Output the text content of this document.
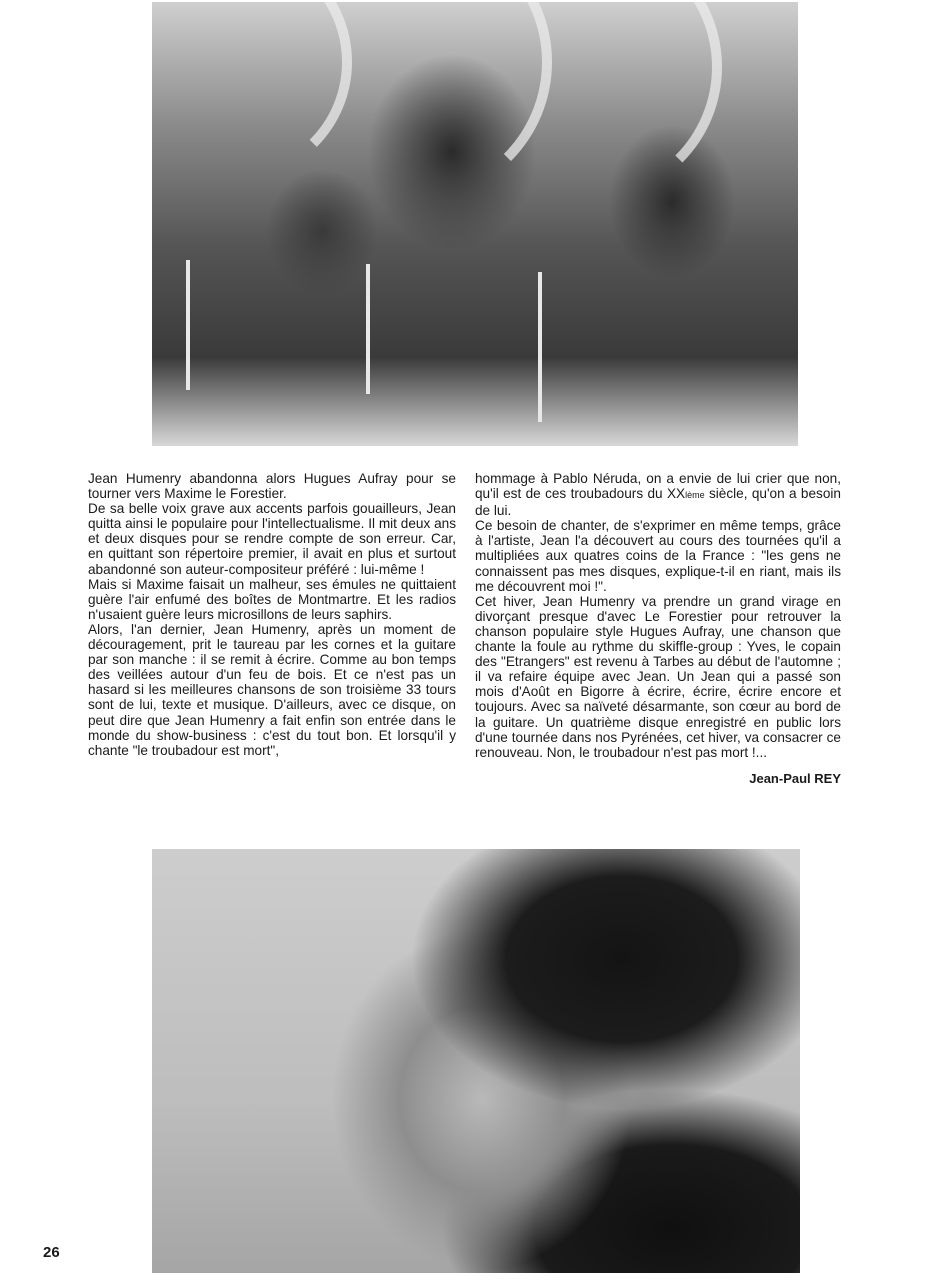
Jean Humenry abandonna alors Hugues Aufray pour se tourner vers Maxime le Forestier.

De sa belle voix grave aux accents parfois gouailleurs, Jean quitta ainsi le populaire pour l'intellectualisme. Il mit deux ans et deux disques pour se rendre compte de son erreur. Car, en quittant son répertoire premier, il avait en plus et surtout abandonné son auteur-compositeur préféré : lui-même !

Mais si Maxime faisait un malheur, ses émules ne quittaient guère l'air enfumé des boîtes de Montmartre. Et les radios n'usaient guère leurs microsillons de leurs saphirs.

Alors, l'an dernier, Jean Humenry, après un moment de découragement, prit le taureau par les cornes et la guitare par son manche : il se remit à écrire. Comme au bon temps des veillées autour d'un feu de bois. Et ce n'est pas un hasard si les meilleures chansons de son troisième 33 tours sont de lui, texte et musique. D'ailleurs, avec ce disque, on peut dire que Jean Humenry a fait enfin son entrée dans le monde du show-business : c'est du tout bon. Et lorsqu'il y chante "le troubadour est mort",

hommage à Pablo Néruda, on a envie de lui crier que non, qu'il est de ces troubadours du XXlème siècle, qu'on a besoin de lui.

Ce besoin de chanter, de s'exprimer en même temps, grâce à l'artiste, Jean l'a découvert au cours des tournées qu'il a multipliées aux quatres coins de la France : "les gens ne connaissent pas mes disques, explique-t-il en riant, mais ils me découvrent moi !".

Cet hiver, Jean Humenry va prendre un grand virage en divorçant presque d'avec Le Forestier pour retrouver la chanson populaire style Hugues Aufray, une chanson que chante la foule au rythme du skiffle-group : Yves, le copain des "Etrangers" est revenu à Tarbes au début de l'automne ; il va refaire équipe avec Jean. Un Jean qui a passé son mois d'Août en Bigorre à écrire, écrire, écrire encore et toujours. Avec sa naïveté désarmante, son cœur au bord de la guitare. Un quatrième disque enregistré en public lors d'une tournée dans nos Pyrénées, cet hiver, va consacrer ce renouveau. Non, le troubadour n'est pas mort !...

Jean-Paul REY
26
